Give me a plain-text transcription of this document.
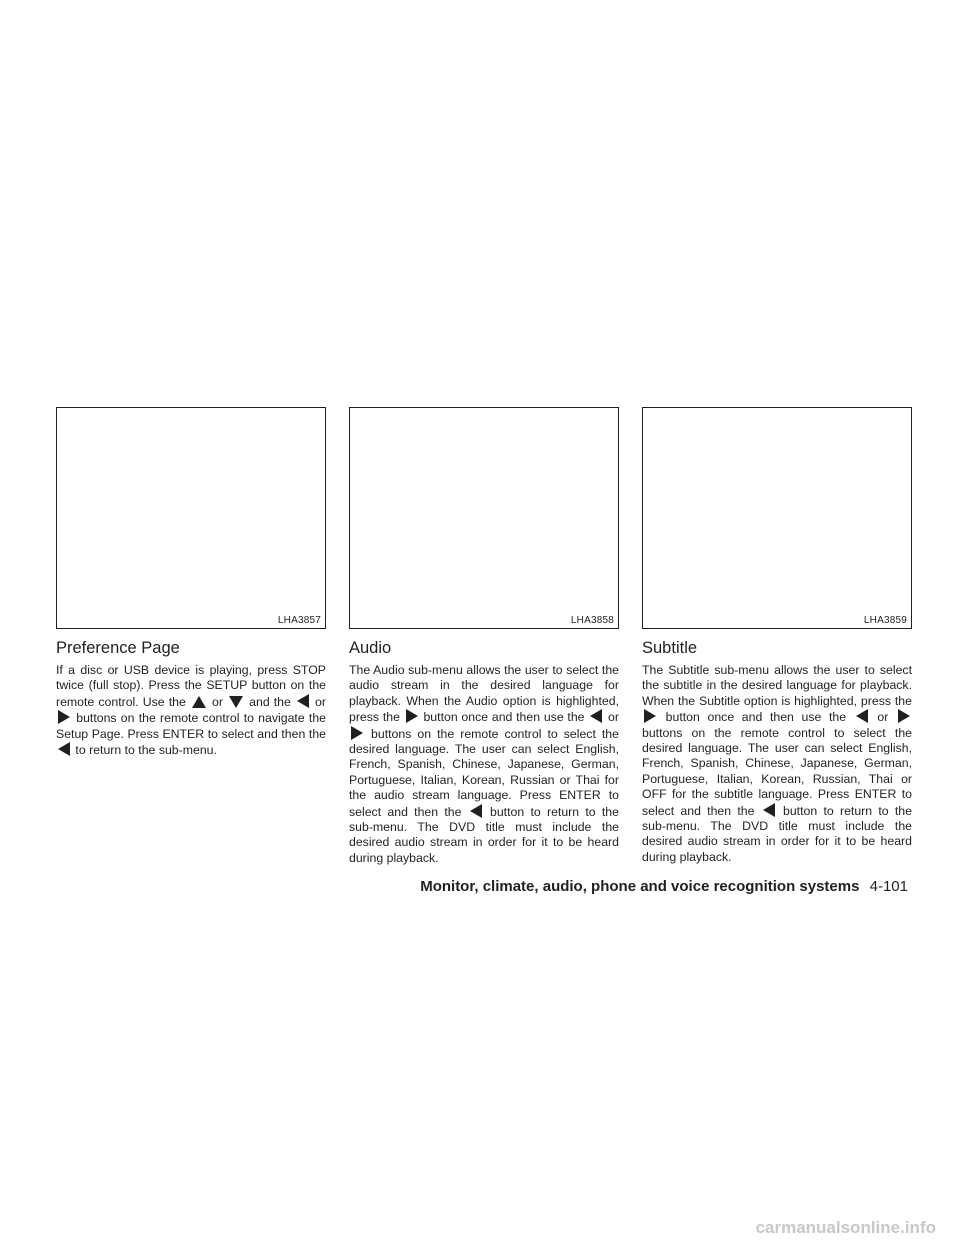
LHA3857
Preference Page

If a disc or USB device is playing, press STOP twice (full stop). Press the SETUP button on the remote control. Use the or and the or  buttons on the remote control to navigate the Setup Page. Press ENTER to select and then the  to return to the sub-menu.

LHA3858
Audio

The Audio sub-menu allows the user to select the audio stream in the desired language for playback. When the Audio option is highlighted, press the button once and then use the or  buttons on the remote control to select the desired language. The user can select English, French, Spanish, Chinese, Japanese, German, Portuguese, Italian, Korean, Russian or Thai for the audio stream language. Press ENTER to select and then the button to return to the sub-menu. The DVD title must include the desired audio stream in order for it to be heard during playback.

LHA3859
Subtitle

The Subtitle sub-menu allows the user to select the subtitle in the desired language for playback. When the Subtitle option is highlighted, press the  button once and then use the	or  buttons on the remote control to select the desired language. The user can select English, French, Spanish, Chinese, Japanese, German, Portuguese, Italian, Korean, Russian, Thai or OFF for the subtitle language. Press ENTER to select and then the button to return to the sub-menu. The DVD title must include the desired audio stream in order for it to be heard during playback.

Monitor, climate, audio, phone and voice recognition systems 4-101
carmanualsonline.info
